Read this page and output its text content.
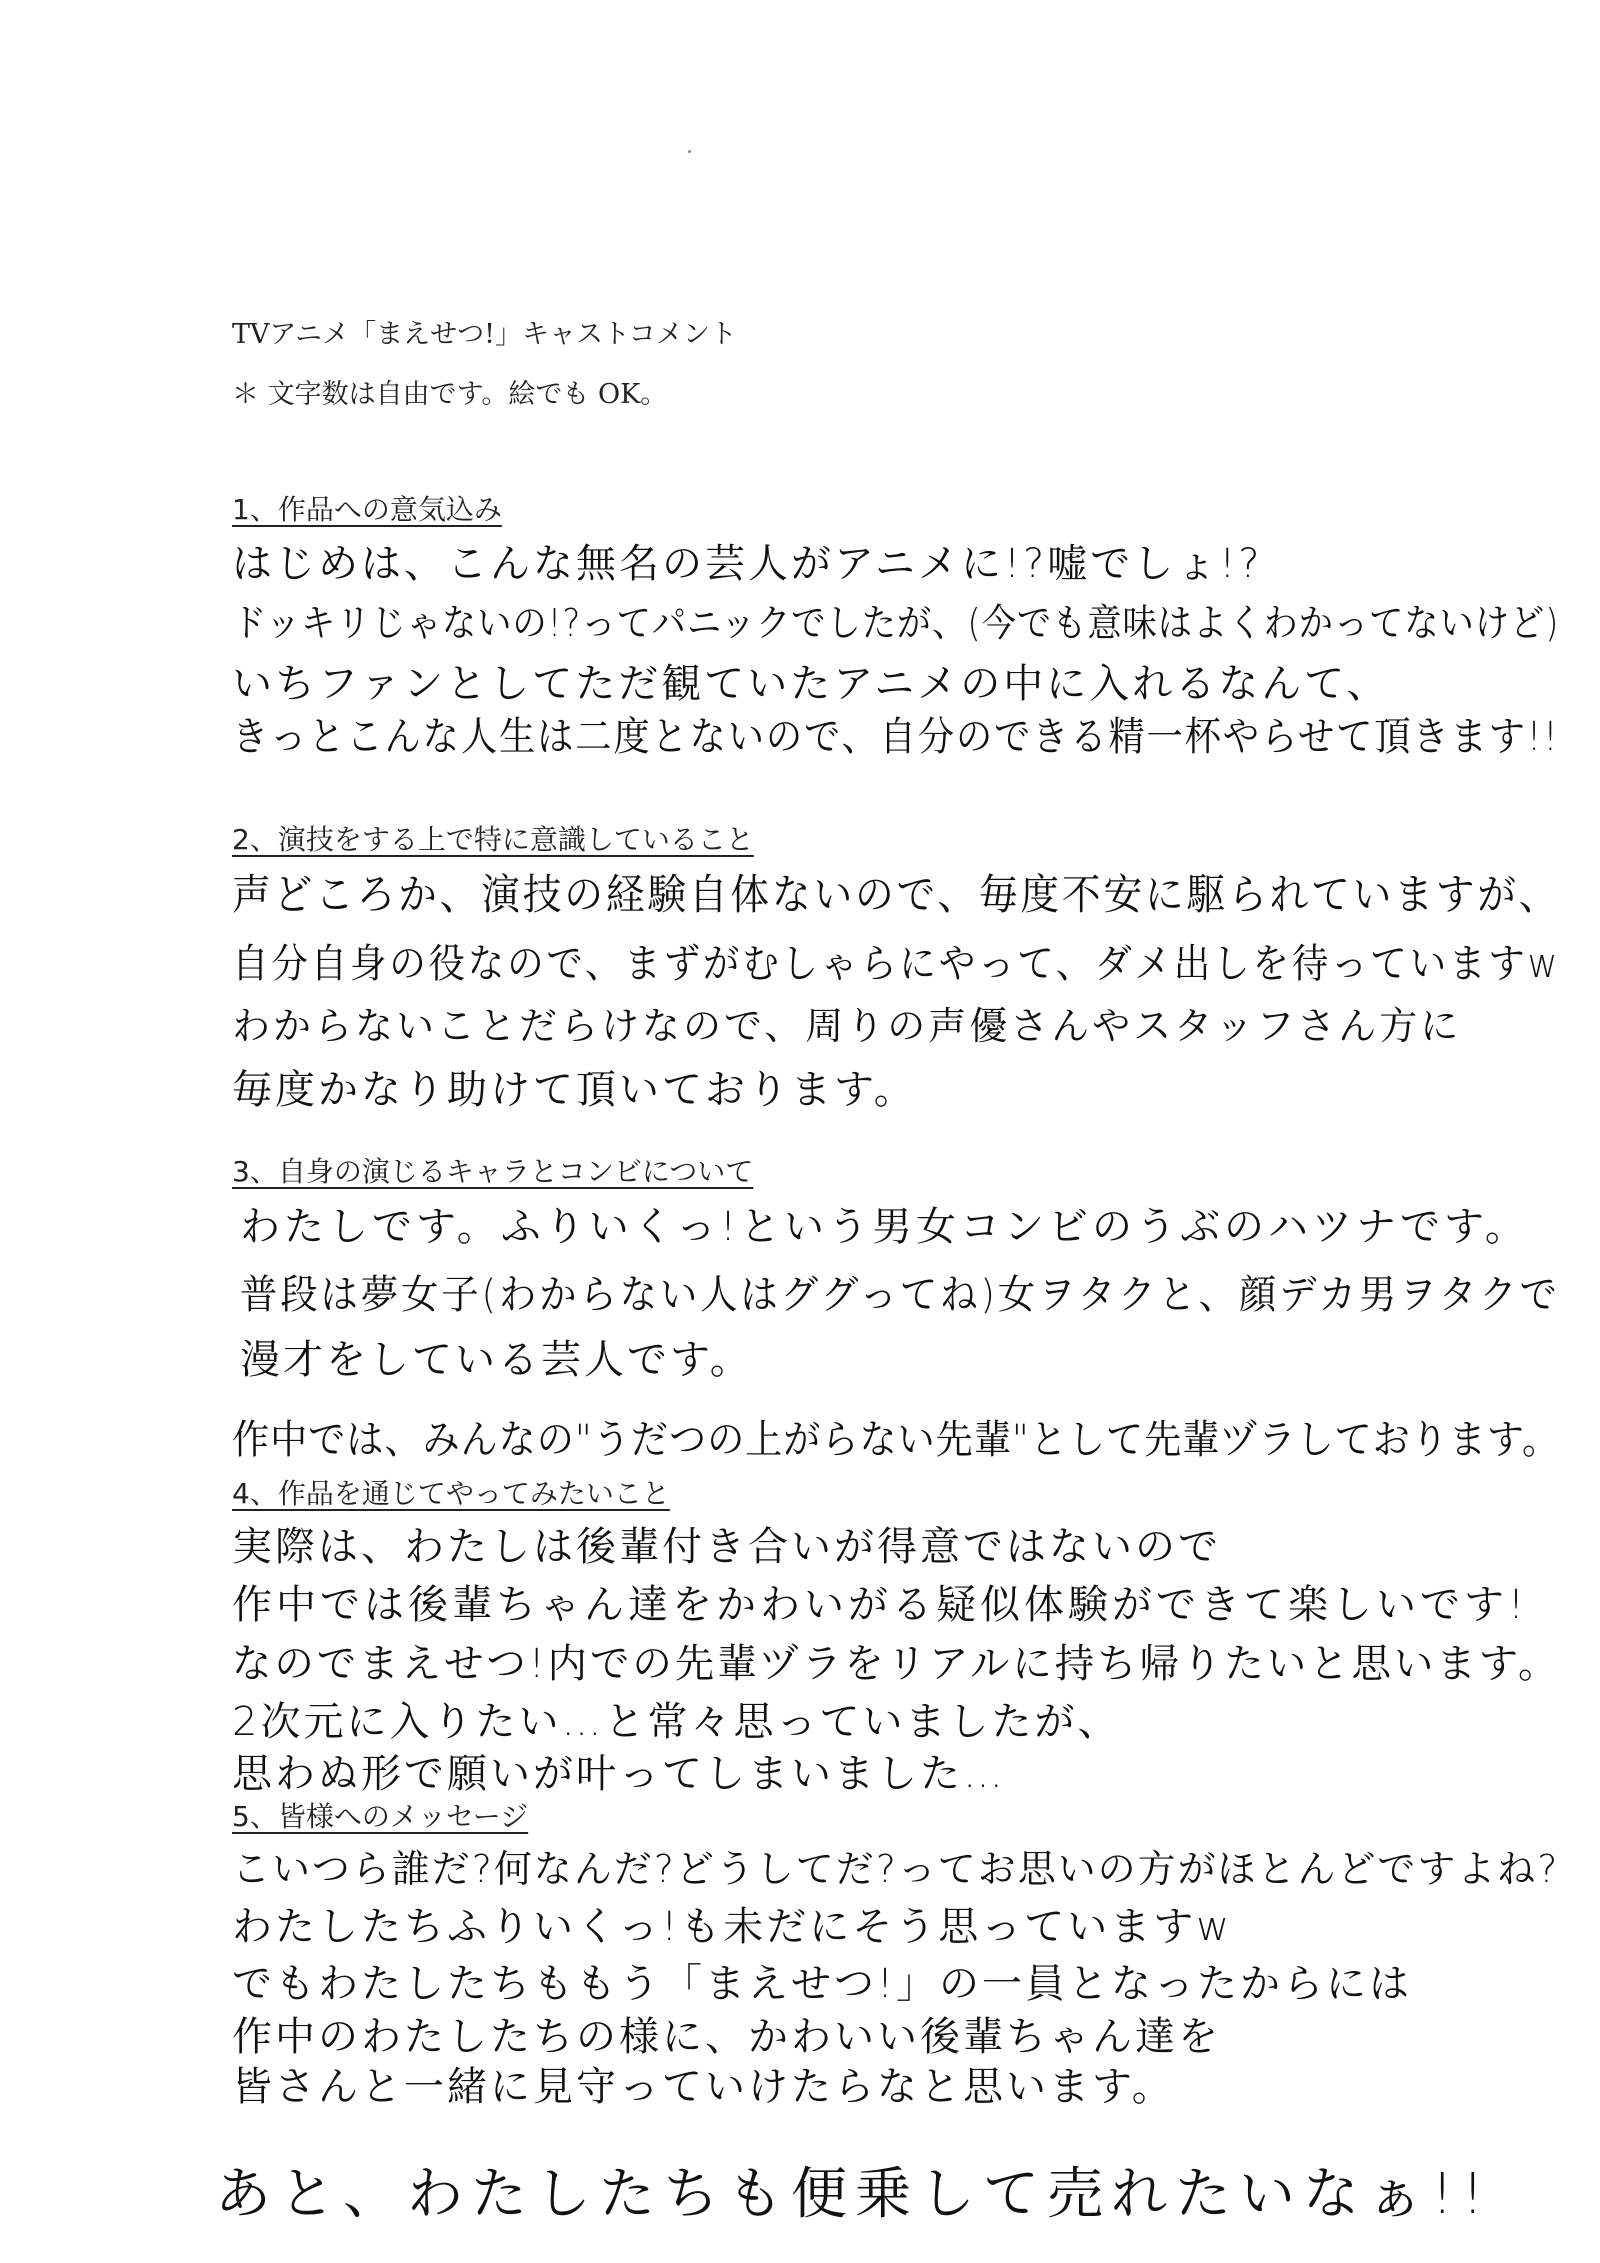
TVアニメ「まえせつ!」キャストコメント
＊ 文字数は自由です。絵でも OK。
1、作品への意気込み
はじめは、こんな無名の芸人がアニメに!?嘘でしょ!?
ドッキリじゃないの!?ってパニックでしたが、(今でも意味はよくわかってないけど)
いちファンとしてただ観ていたアニメの中に入れるなんて、
きっとこんな人生は二度とないので、自分のできる精一杯やらせて頂きます!!
2、演技をする上で特に意識していること
声どころか、演技の経験自体ないので、毎度不安に駆られていますが、
自分自身の役なので、まずがむしゃらにやって、ダメ出しを待っていますw
わからないことだらけなので、周りの声優さんやスタッフさん方に
毎度かなり助けて頂いております。
3、自身の演じるキャラとコンビについて
わたしです。ふりいくっ!という男女コンビのうぶのハツナです。
普段は夢女子(わからない人はググってね)女ヲタクと、顔デカ男ヲタクで
漫才をしている芸人です。
作中では、みんなの"うだつの上がらない先輩"として先輩ヅラしております。
4、作品を通じてやってみたいこと
実際は、わたしは後輩付き合いが得意ではないので
作中では後輩ちゃん達をかわいがる疑似体験ができて楽しいです!
なのでまえせつ!内での先輩ヅラをリアルに持ち帰りたいと思います。
2次元に入りたい…と常々思っていましたが、
思わぬ形で願いが叶ってしまいました…
5、皆様へのメッセージ
こいつら誰だ?何なんだ?どうしてだ?ってお思いの方がほとんどですよね?
わたしたちふりいくっ!も未だにそう思っていますw
でもわたしたちももう「まえせつ!」の一員となったからには
作中のわたしたちの様に、かわいい後輩ちゃん達を
皆さんと一緒に見守っていけたらなと思います。
あと、わたしたちも便乗して売れたいなぁ!!
